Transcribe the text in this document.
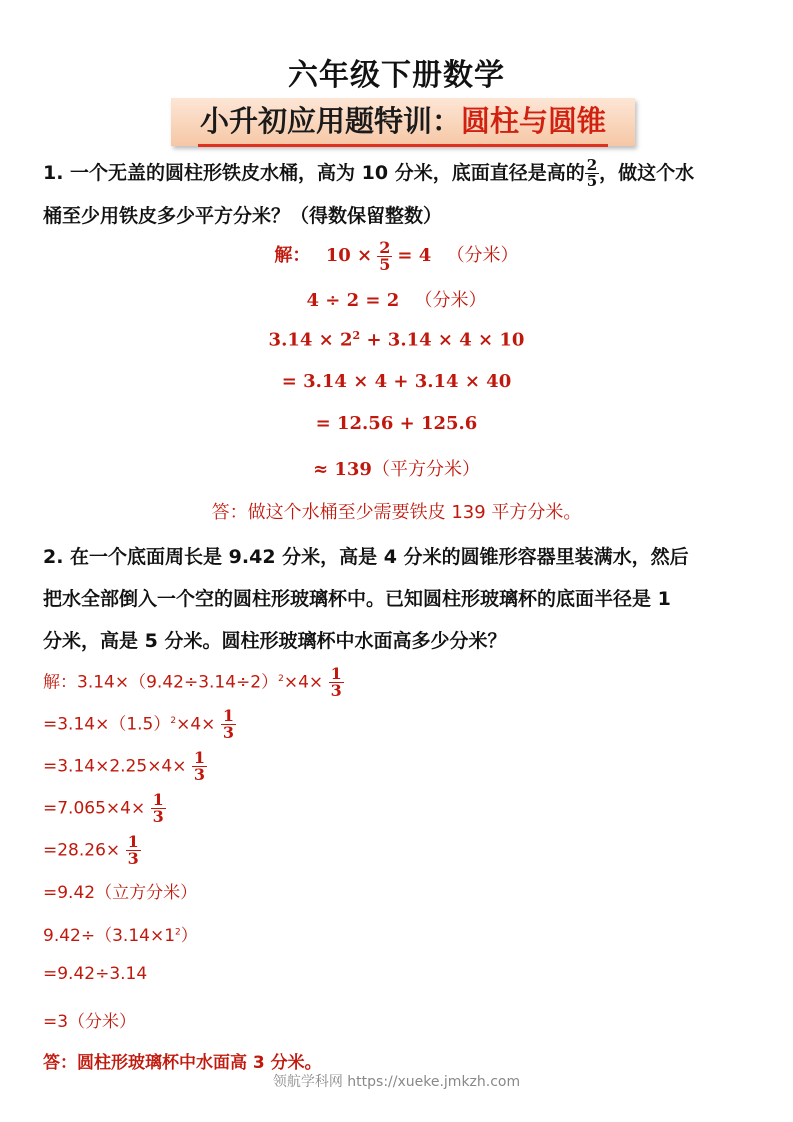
六年级下册数学
小升初应用题特训：圆柱与圆锥
1. 一个无盖的圆柱形铁皮水桶，高为 10 分米，底面直径是高的 $\frac{2}{5}$ ，做这个水
桶至少用铁皮多少平方分米？（得数保留整数）
解： $10 \times \frac{2}{5} = 4$ （分米）
4 ÷ 2 = 2 （分米）
$3.14 \times 2^2 + 3.14 \times 4 \times 10$
= 3.14 × 4 + 3.14 × 40
= 12.56 + 125.6
≈ 139（平方分米）
答：做这个水桶至少需要铁皮 139 平方分米。
2. 在一个底面周长是 9.42 分米，高是 4 分米的圆锥形容器里装满水，然后
把水全部倒入一个空的圆柱形玻璃杯中。已知圆柱形玻璃杯的底面半径是 1
分米，高是 5 分米。圆柱形玻璃杯中水面高多少分米？
解：$3.14\times(9.42\div 3.14\div 2)^2\times 4\times \frac{1}{3}$
$=3.14\times(1.5)^2\times 4\times \frac{1}{3}$
$=3.14\times 2.25\times 4\times \frac{1}{3}$
$=7.065\times 4\times \frac{1}{3}$
$=28.26\times \frac{1}{3}$
=9.42（立方分米）
$9.42\div(3.14\times 1^2)$
=9.42÷3.14
=3（分米）
答：圆柱形玻璃杯中水面高 3 分米。
领航学科网 https://xueke.jmkzh.com
